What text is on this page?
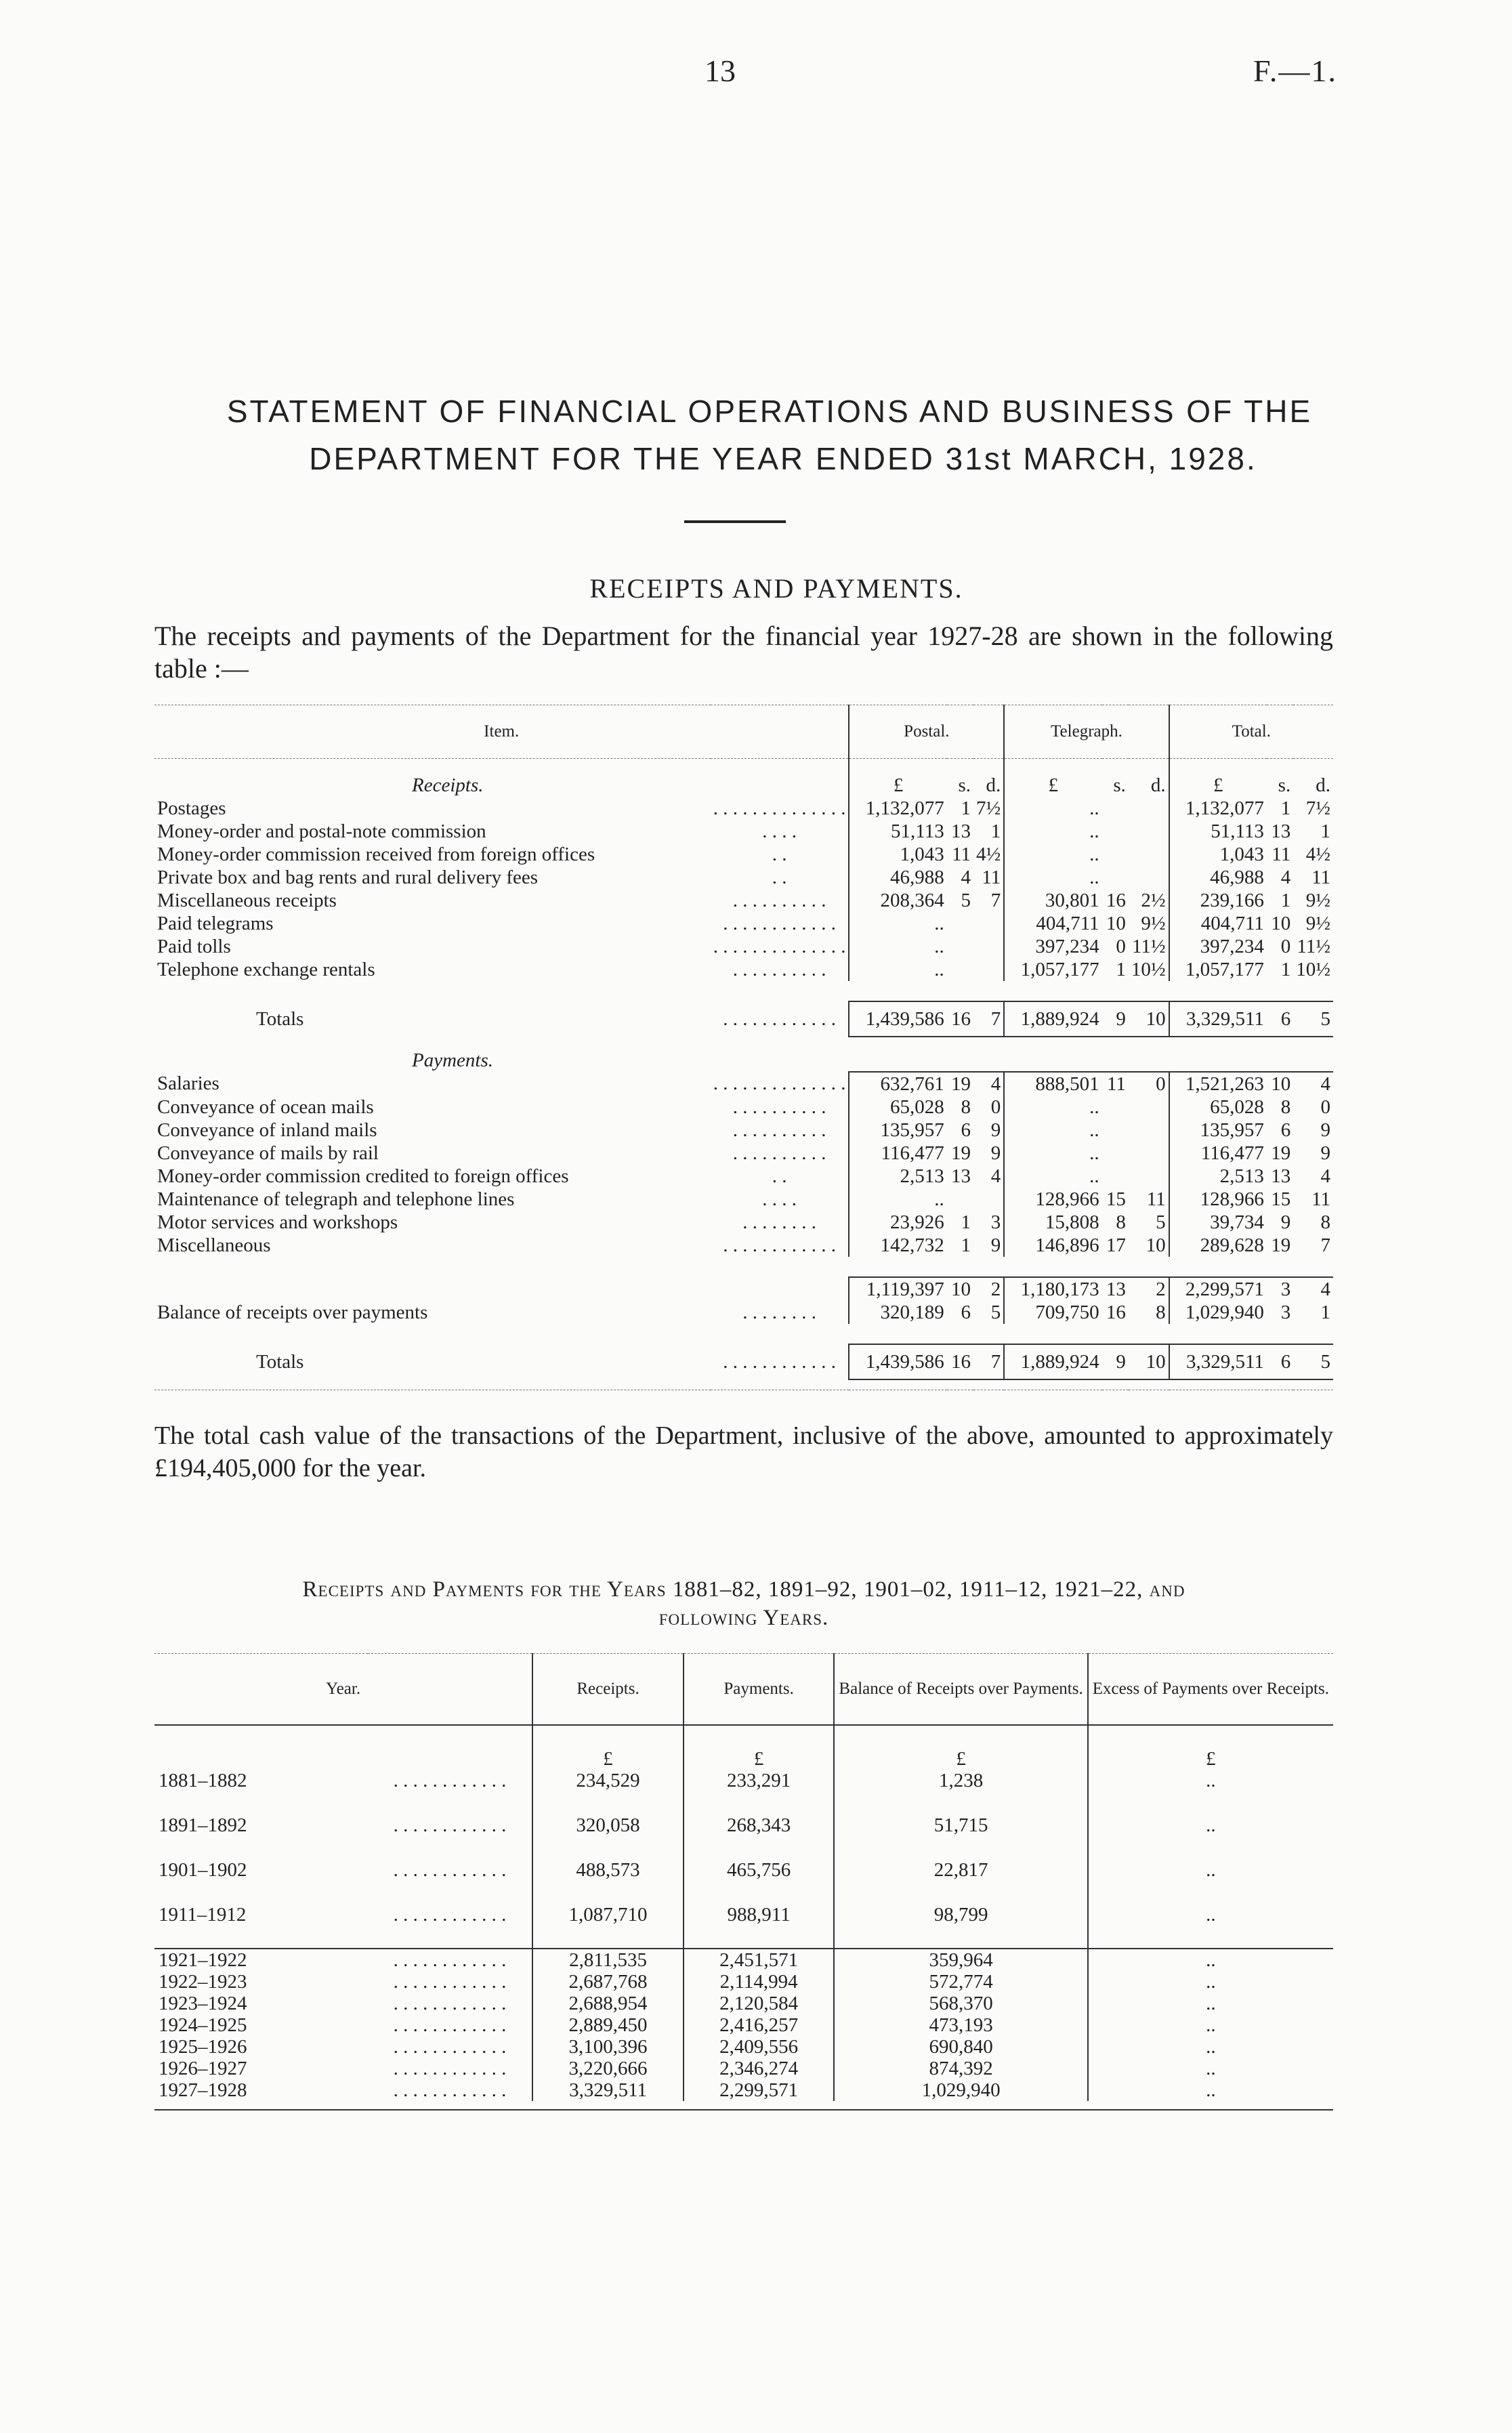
13	F.—1.
STATEMENT OF FINANCIAL OPERATIONS AND BUSINESS OF THE
DEPARTMENT FOR THE YEAR ENDED 31st MARCH, 1928.
RECEIPTS AND PAYMENTS.
The receipts and payments of the Department for the financial year 1927-28 are shown in the following table :—
Item.		Postal.			Telegraph.			Total.		
Receipts.		£	s.	d.	£	s.	d.	£	s.	d.
Postages	. . . . . . . . . . . . . .	1,132,077	1	7½	..			1,132,077	1	7½
Money-order and postal-note commission	. . . .	51,113	13	1	..			51,113	13	1
Money-order commission received from foreign offices	. .	1,043	11	4½	..			1,043	11	4½
Private box and bag rents and rural delivery fees	. .	46,988	4	11	..			46,988	4	11
Miscellaneous receipts	. . . . . . . . . .	208,364	5	7	30,801	16	2½	239,166	1	9½
Paid telegrams	. . . . . . . . . . . .	..			404,711	10	9½	404,711	10	9½
Paid tolls	. . . . . . . . . . . . . .	..			397,234	0	11½	397,234	0	11½
Telephone exchange rentals	. . . . . . . . . .	..			1,057,177	1	10½	1,057,177	1	10½

Totals	. . . . . . . . . . . .	1,439,586	16	7	1,889,924	9	10	3,329,511	6	5
Payments.										
Salaries	. . . . . . . . . . . . . .	632,761	19	4	888,501	11	0	1,521,263	10	4
Conveyance of ocean mails	. . . . . . . . . .	65,028	8	0	..			65,028	8	0
Conveyance of inland mails	. . . . . . . . . .	135,957	6	9	..			135,957	6	9
Conveyance of mails by rail	. . . . . . . . . .	116,477	19	9	..			116,477	19	9
Money-order commission credited to foreign offices	. .	2,513	13	4	..			2,513	13	4
Maintenance of telegraph and telephone lines	. . . .	..			128,966	15	11	128,966	15	11
Motor services and workshops	. . . . . . . .	23,926	1	3	15,808	8	5	39,734	9	8
Miscellaneous	. . . . . . . . . . . .	142,732	1	9	146,896	17	10	289,628	19	7

		1,119,397	10	2	1,180,173	13	2	2,299,571	3	4
Balance of receipts over payments	. . . . . . . .	320,189	6	5	709,750	16	8	1,029,940	3	1

Totals	. . . . . . . . . . . .	1,439,586	16	7	1,889,924	9	10	3,329,511	6	5

The total cash value of the transactions of the Department, inclusive of the above, amounted to approximately £194,405,000 for the year.
Receipts and Payments for the Years 1881–82, 1891–92, 1901–02, 1911–12, 1921–22, and
following Years.
Year.		Receipts.	Payments.	Balance of Receipts over Payments.	Excess of Payments over Receipts.
		£	£	£	£
1881–1882	. . . . . . . . . . . .	234,529	233,291	1,238	..
1891–1892	. . . . . . . . . . . .	320,058	268,343	51,715	..
1901–1902	. . . . . . . . . . . .	488,573	465,756	22,817	..
1911–1912	. . . . . . . . . . . .	1,087,710	988,911	98,799	..
1921–1922	. . . . . . . . . . . .	2,811,535	2,451,571	359,964	..
1922–1923	. . . . . . . . . . . .	2,687,768	2,114,994	572,774	..
1923–1924	. . . . . . . . . . . .	2,688,954	2,120,584	568,370	..
1924–1925	. . . . . . . . . . . .	2,889,450	2,416,257	473,193	..
1925–1926	. . . . . . . . . . . .	3,100,396	2,409,556	690,840	..
1926–1927	. . . . . . . . . . . .	3,220,666	2,346,274	874,392	..
1927–1928	. . . . . . . . . . . .	3,329,511	2,299,571	1,029,940	..
